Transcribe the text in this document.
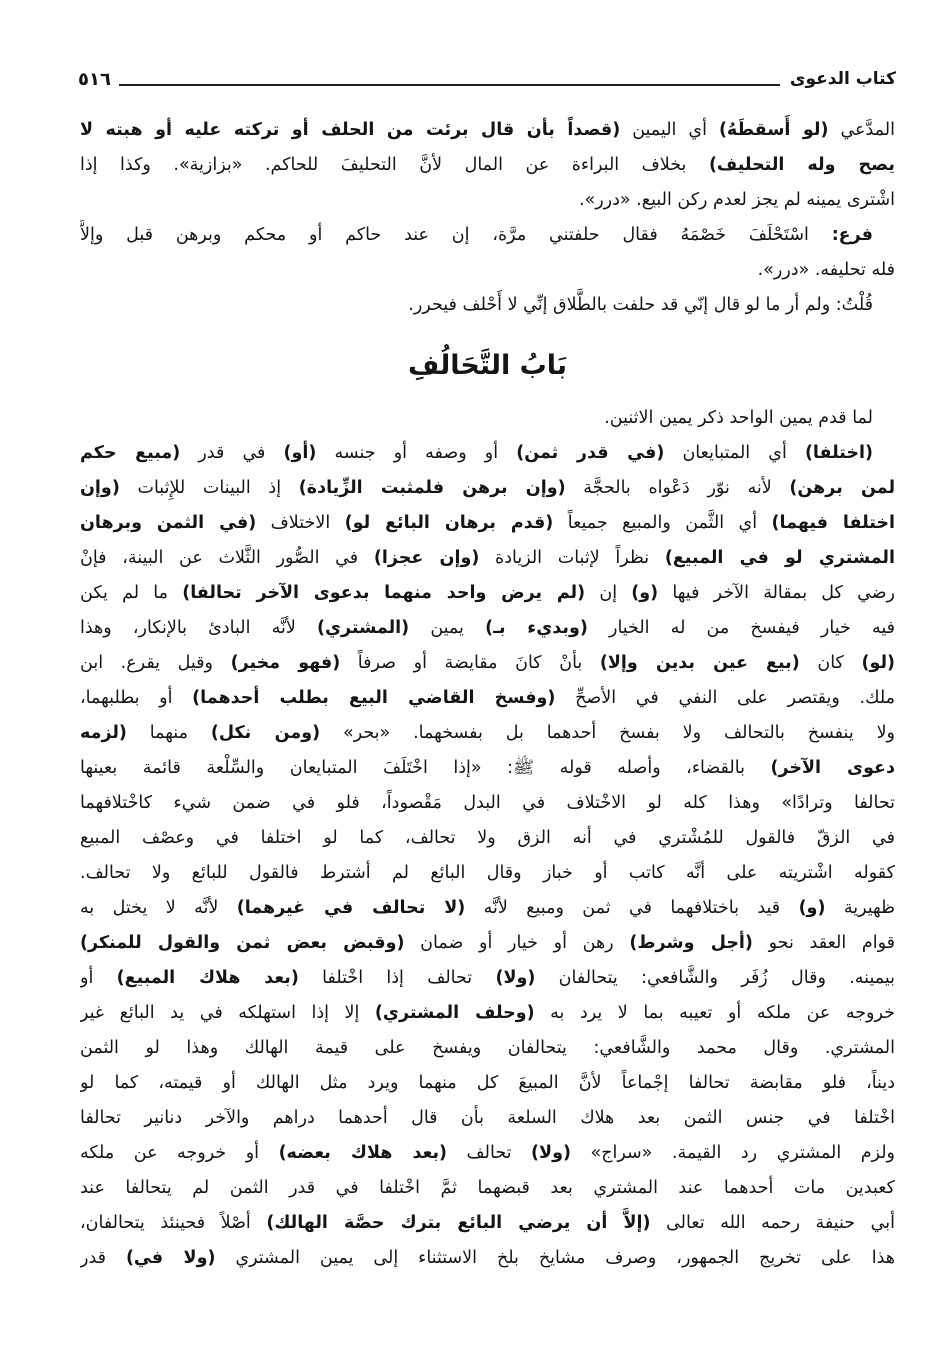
كتاب الدعوى
٥١٦
المدَّعي (لو أَسقطَهُ) أي اليمين (قصداً بأن قال برئت من الحلف أو تركته عليه أو هبته لا
يصح وله التحليف) بخلاف البراءة عن المال لأنَّ التحليفَ للحاكم. «بزازية». وكذا إذا
اشْترى يمينه لم يجز لعدم ركن البيع. «درر».
فرع: اسْتَحْلَفَ خَصْمَهُ فقال حلفتني مرَّة، إن عند حاكم أو محكم وبرهن قبل وإلاَّ
فله تحليفه. «درر».
قُلْتُ: ولم أر ما لو قال إنّي قد حلفت بالطَّلاق إنِّي لا أَحْلف فيحرر.
بَابُ التَّحَالُفِ
لما قدم يمين الواحد ذكر يمين الاثنين.
(اختلفا) أي المتبايعان (في قدر ثمن) أو وصفه أو جنسه (أو) في قدر (مبيع حكم
لمن برهن) لأنه نوّر دَعْواه بالحجَّة (وإن برهن فلمثبت الزِّيادة) إذ البينات للإِثبات (وإن
اختلفا فيهما) أي الثَّمن والمبيع جميعاً (قدم برهان البائع لو) الاختلاف (في الثمن وبرهان
المشتري لو في المبيع) نظراً لإثبات الزيادة (وإن عجزا) في الصُّور الثَّلاث عن البينة، فإنْ
رضي كل بمقالة الآخر فيها (و) إن (لم يرض واحد منهما بدعوى الآخر تحالفا) ما لم يكن
فيه خيار فيفسخ من له الخيار (وبديء بـ) يمين (المشتري) لأنَّه البادئ بالإنكار، وهذا
(لو) كان (بيع عين بدين وإلا) بأنْ كانَ مقايضة أو صرفاً (فهو مخير) وقيل يقرع. ابن
ملك. ويقتصر على النفي في الأصحِّ (وفسخ القاضي البيع بطلب أحدهما) أو بطلبهما،
ولا ينفسخ بالتحالف ولا بفسخ أحدهما بل بفسخهما. «بحر» (ومن نكل) منهما (لزمه
دعوى الآخر) بالقضاء، وأصله قوله ﷺ: «إذا اخْتَلَفَ المتبايعان والسِّلْعة قائمة بعينها
تحالفا وترادًا» وهذا كله لو الاخْتلاف في البدل مَقْصوداً، فلو في ضمن شيء كاخْتلافهما
في الزقّ فالقول للمُشْتري في أنه الزق ولا تحالف، كما لو اختلفا في وعصْف المبيع
كقوله اشْتريته على أنَّه كاتب أو خباز وقال البائع لم أشترط فالقول للبائع ولا تحالف.
ظهيرية (و) قيد باختلافهما في ثمن ومبيع لأنَّه (لا تحالف في غيرهما) لأنَّه لا يختل به
قوام العقد نحو (أجل وشرط) رهن أو خيار أو ضمان (وقبض بعض ثمن والقول للمنكر)
بيمينه. وقال زُفَر والشَّافعي: يتحالفان (ولا) تحالف إذا اخْتلفا (بعد هلاك المبيع) أو
خروجه عن ملكه أو تعيبه بما لا يرد به (وحلف المشتري) إلا إذا استهلكه في يد البائع غير
المشتري. وقال محمد والشَّافعي: يتحالفان ويفسخ على قيمة الهالك وهذا لو الثمن
ديناً، فلو مقابضة تحالفا إجْماعاً لأنَّ المبيعَ كل منهما ويرد مثل الهالك أو قيمته، كما لو
اخْتلفا في جنس الثمن بعد هلاك السلعة بأن قال أحدهما دراهم والآخر دنانير تحالفا
ولزم المشتري رد القيمة. «سراج» (ولا) تحالف (بعد هلاك بعضه) أو خروجه عن ملكه
كعبدين مات أحدهما عند المشتري بعد قبضهما ثمَّ اخْتلفا في قدر الثمن لم يتحالفا عند
أبي حنيفة رحمه الله تعالى (إلاَّ أن يرضي البائع بترك حصَّة الهالك) أصْلاً فحينئذ يتحالفان،
هذا على تخريج الجمهور، وصرف مشايخ بلخ الاستثناء إلى يمين المشتري (ولا في) قدر
